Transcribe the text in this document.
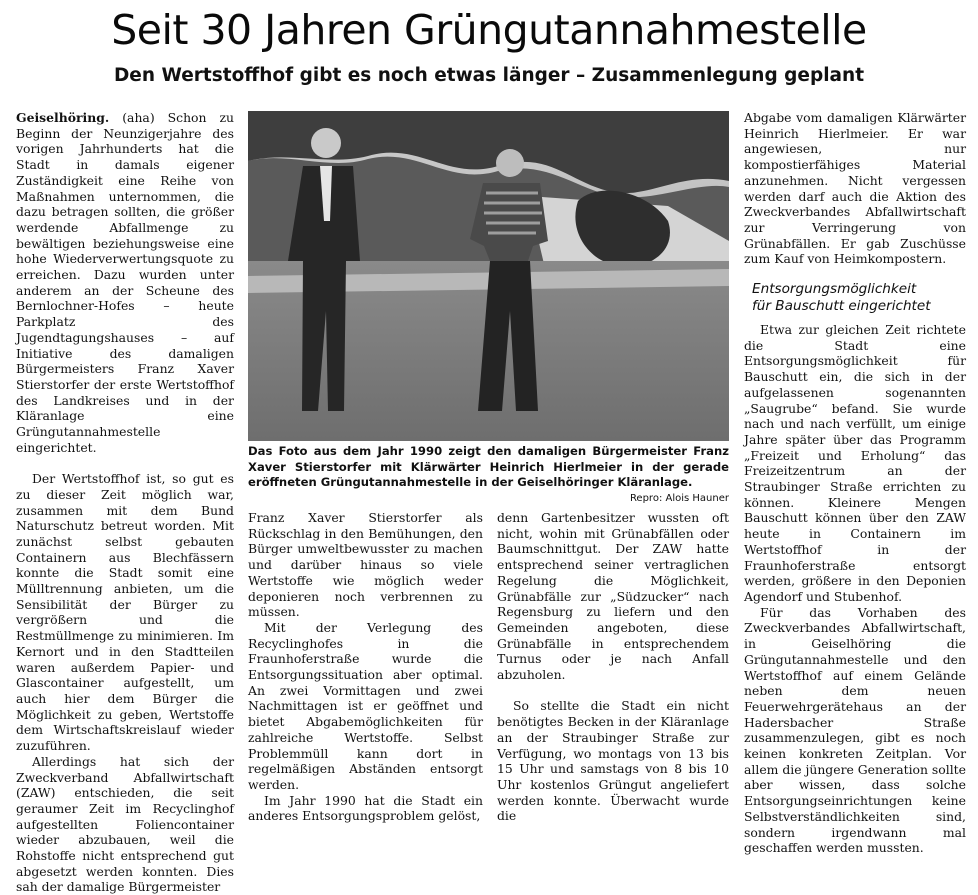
Seit 30 Jahren Grüngutannahmestelle
Den Wertstoffhof gibt es noch etwas länger – Zusammenlegung geplant

Geiselhöring. (aha) Schon zu Beginn der Neunzigerjahre des vorigen Jahrhunderts hat die Stadt in damals eigener Zuständigkeit eine Reihe von Maßnahmen unternommen, die dazu betragen sollten, die größer werdende Abfallmenge zu bewältigen beziehungsweise eine hohe Wiederverwertungsquote zu erreichen. Dazu wurden unter anderem an der Scheune des Bernlochner-Hofes – heute Parkplatz des Jugendtagungshauses – auf Initiative des damaligen Bürgermeisters Franz Xaver Stierstorfer der erste Wertstoffhof des Landkreises und in der Kläranlage eine Grüngutannahmestelle eingerichtet.

Der Wertstoffhof ist, so gut es zu dieser Zeit möglich war, zusammen mit dem Bund Naturschutz betreut worden. Mit zunächst selbst gebauten Containern aus Blechfässern konnte die Stadt somit eine Mülltrennung anbieten, um die Sensibilität der Bürger zu vergrößern und die Restmüllmenge zu minimieren. Im Kernort und in den Stadtteilen waren außerdem Papier- und Glascontainer aufgestellt, um auch hier dem Bürger die Möglichkeit zu geben, Wertstoffe dem Wirtschaftskreislauf wieder zuzuführen.

Allerdings hat sich der Zweckverband Abfallwirtschaft (ZAW) entschieden, die seit geraumer Zeit im Recyclinghof aufgestellten Foliencontainer wieder abzubauen, weil die Rohstoffe nicht entsprechend gut abgesetzt werden konnten. Dies sah der damalige Bürgermeister

Das Foto aus dem Jahr 1990 zeigt den damaligen Bürgermeister Franz Xaver Stierstorfer mit Klärwärter Heinrich Hierlmeier in der gerade eröffneten Grüngutannahmestelle in der Geiselhöringer Kläranlage.
Repro: Alois Hauner

Franz Xaver Stierstorfer als Rückschlag in den Bemühungen, den Bürger umweltbewusster zu machen und darüber hinaus so viele Wertstoffe wie möglich weder deponieren noch verbrennen zu müssen.

Mit der Verlegung des Recyclinghofes in die Fraunhoferstraße wurde die Entsorgungssituation aber optimal. An zwei Vormittagen und zwei Nachmittagen ist er geöffnet und bietet Abgabemöglichkeiten für zahlreiche Wertstoffe. Selbst Problemmüll kann dort in regelmäßigen Abständen entsorgt werden.

Im Jahr 1990 hat die Stadt ein anderes Entsorgungsproblem gelöst,

denn Gartenbesitzer wussten oft nicht, wohin mit Grünabfällen oder Baumschnittgut. Der ZAW hatte entsprechend seiner vertraglichen Regelung die Möglichkeit, Grünabfälle zur „Südzucker“ nach Regensburg zu liefern und den Gemeinden angeboten, diese Grünabfälle in entsprechendem Turnus oder je nach Anfall abzuholen.

So stellte die Stadt ein nicht benötigtes Becken in der Kläranlage an der Straubinger Straße zur Verfügung, wo montags von 13 bis 15 Uhr und samstags von 8 bis 10 Uhr kostenlos Grüngut angeliefert werden konnte. Überwacht wurde die

Abgabe vom damaligen Klärwärter Heinrich Hierlmeier. Er war angewiesen, nur kompostierfähiges Material anzunehmen. Nicht vergessen werden darf auch die Aktion des Zweckverbandes Abfallwirtschaft zur Verringerung von Grünabfällen. Er gab Zuschüsse zum Kauf von Heimkompostern.

Entsorgungsmöglichkeit
für Bauschutt eingerichtet

Etwa zur gleichen Zeit richtete die Stadt eine Entsorgungsmöglichkeit für Bauschutt ein, die sich in der aufgelassenen sogenannten „Saugrube“ befand. Sie wurde nach und nach verfüllt, um einige Jahre später über das Programm „Freizeit und Erholung“ das Freizeitzentrum an der Straubinger Straße errichten zu können. Kleinere Mengen Bauschutt können über den ZAW heute in Containern im Wertstoffhof in der Fraunhoferstraße entsorgt werden, größere in den Deponien Agendorf und Stubenhof.

Für das Vorhaben des Zweckverbandes Abfallwirtschaft, in Geiselhöring die Grüngutannahmestelle und den Wertstoffhof auf einem Gelände neben dem neuen Feuerwehrgerätehaus an der Hadersbacher Straße zusammenzulegen, gibt es noch keinen konkreten Zeitplan. Vor allem die jüngere Generation sollte aber wissen, dass solche Entsorgungseinrichtungen keine Selbstverständlichkeiten sind, sondern irgendwann mal geschaffen werden mussten.
